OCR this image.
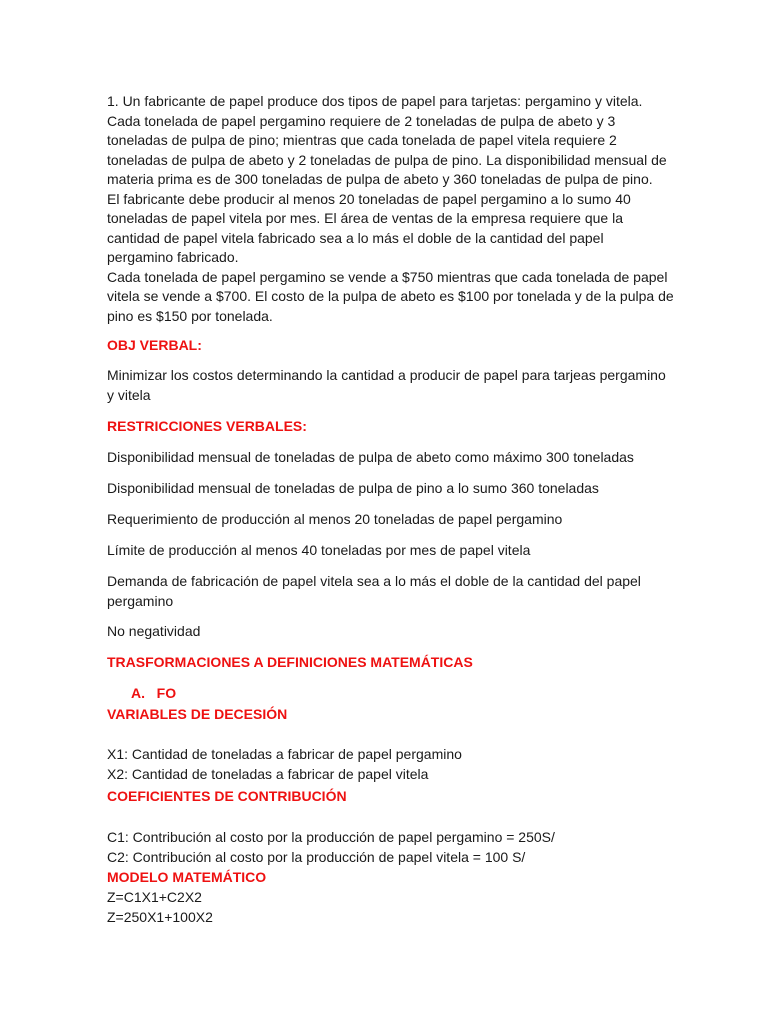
1. Un fabricante de papel produce dos tipos de papel para tarjetas: pergamino y vitela.
Cada tonelada de papel pergamino requiere de 2 toneladas de pulpa de abeto y 3
toneladas de pulpa de pino; mientras que cada tonelada de papel vitela requiere 2
toneladas de pulpa de abeto y 2 toneladas de pulpa de pino. La disponibilidad mensual de
materia prima es de 300 toneladas de pulpa de abeto y 360 toneladas de pulpa de pino.
El fabricante debe producir al menos 20 toneladas de papel pergamino a lo sumo 40
toneladas de papel vitela por mes. El área de ventas de la empresa requiere que la
cantidad de papel vitela fabricado sea a lo más el doble de la cantidad del papel
pergamino fabricado.
Cada tonelada de papel pergamino se vende a $750 mientras que cada tonelada de papel
vitela se vende a $700. El costo de la pulpa de abeto es $100 por tonelada y de la pulpa de
pino es $150 por tonelada.
OBJ VERBAL:
Minimizar los costos determinando la cantidad a producir de papel para tarjeas pergamino
y vitela
RESTRICCIONES VERBALES:
Disponibilidad mensual de toneladas de pulpa de abeto como máximo 300 toneladas
Disponibilidad mensual de toneladas de pulpa de pino a lo sumo 360 toneladas
Requerimiento de producción al menos 20 toneladas de papel pergamino
Límite de producción al menos 40 toneladas por mes de papel vitela
Demanda de fabricación de papel vitela sea a lo más el doble de la cantidad del papel
pergamino
No negatividad
TRASFORMACIONES A DEFINICIONES MATEMÁTICAS
A.   FO
VARIABLES DE DECESIÓN
X1: Cantidad de toneladas a fabricar de papel pergamino
X2: Cantidad de toneladas a fabricar de papel vitela
COEFICIENTES DE CONTRIBUCIÓN
C1: Contribución al costo por la producción de papel pergamino = 250S/
C2: Contribución al costo por la producción de papel vitela = 100 S/
MODELO MATEMÁTICO
Z=C1X1+C2X2
Z=250X1+100X2
